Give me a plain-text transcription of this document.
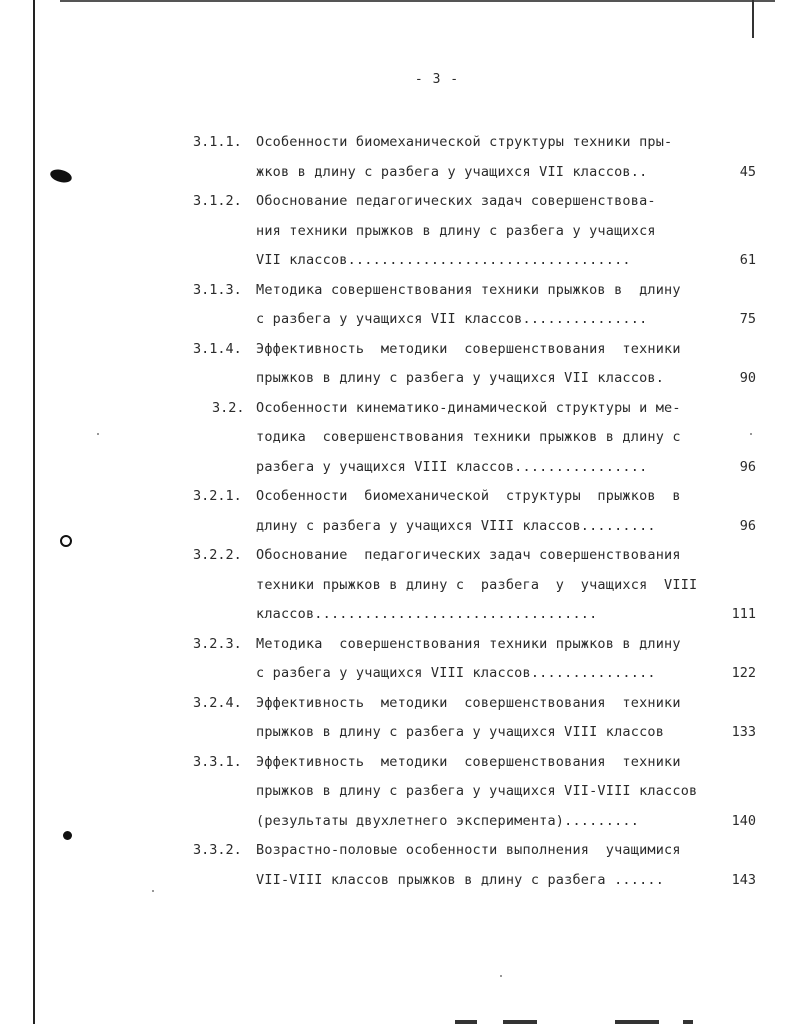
- 3 -
3.1.1. Особенности биомеханической структуры техники пры-
жков в длину с разбега у учащихся VII классов..	45
3.1.2. Обоснование педагогических задач совершенствова-
ния техники прыжков в длину с разбега у учащихся
VII классов..................................	61
3.1.3. Методика совершенствования техники прыжков в  длину
с разбега у учащихся VII классов...............	75
3.1.4. Эффективность  методики  совершенствования  техники
прыжков в длину с разбега у учащихся VII классов.	90
3.2. Особенности кинематико-динамической структуры и ме-
тодика  совершенствования техники прыжков в длину с
разбега у учащихся VIII классов................	96
3.2.1. Особенности  биомеханической  структуры  прыжков  в
длину с разбега у учащихся VIII классов.........	96
3.2.2. Обоснование  педагогических задач совершенствования
техники прыжков в длину с  разбега  у  учащихся  VIII
классов..................................	111
3.2.3. Методика  совершенствования техники прыжков в длину
с разбега у учащихся VIII классов...............	122
3.2.4. Эффективность  методики  совершенствования  техники
прыжков в длину с разбега у учащихся VIII классов	133
3.3.1. Эффективность  методики  совершенствования  техники
прыжков в длину с разбега у учащихся VII-VIII классов
(результаты двухлетнего эксперимента).........	140
3.3.2. Возрастно-половые особенности выполнения  учащимися
VII-VIII классов прыжков в длину с разбега ......	143
